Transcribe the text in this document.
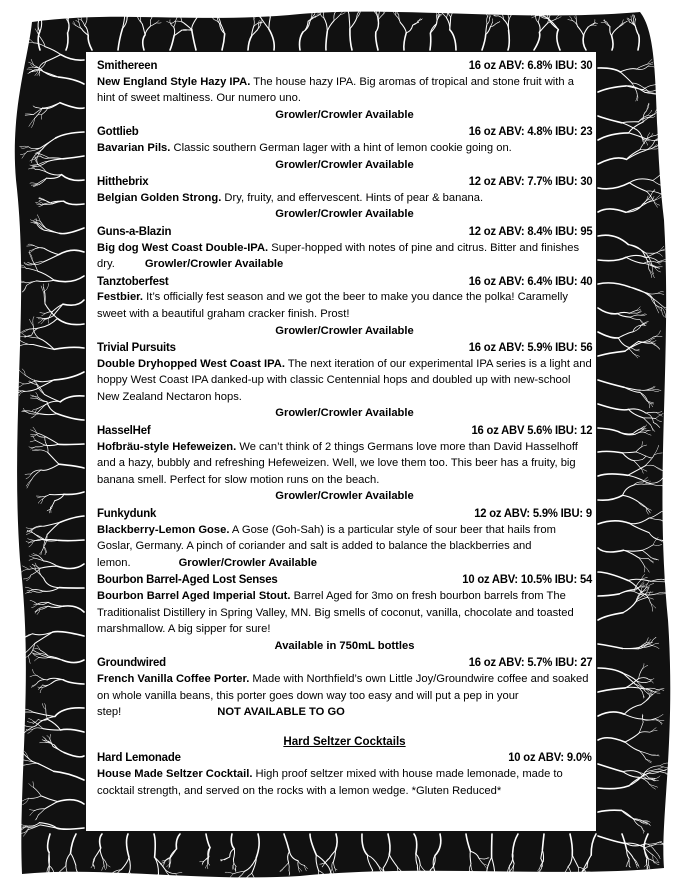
Smithereen	16 oz ABV: 6.8% IBU: 30

New England Style Hazy IPA. The house hazy IPA. Big aromas of tropical and stone fruit with a hint of sweet maltiness. Our numero uno.

Growler/Crowler Available
Gottlieb	16 oz ABV: 4.8% IBU: 23

Bavarian Pils. Classic southern German lager with a hint of lemon cookie going on.

Growler/Crowler Available
Hitthebrix	12 oz ABV: 7.7% IBU: 30

Belgian Golden Strong. Dry, fruity, and effervescent. Hints of pear & banana.

Growler/Crowler Available
Guns-a-Blazin	12 oz ABV: 8.4% IBU: 95

Big dog West Coast Double-IPA. Super-hopped with notes of pine and citrus. Bitter and finishes dry.	Growler/Crowler Available

Tanztoberfest	16 oz ABV: 6.4% IBU: 40

Festbier. It’s officially fest season and we got the beer to make you dance the polka! Caramelly sweet with a beautiful graham cracker finish. Prost!

Growler/Crowler Available
Trivial Pursuits	16 oz ABV: 5.9% IBU: 56

Double Dryhopped West Coast IPA. The next iteration of our experimental IPA series is a light and hoppy West Coast IPA danked-up with classic Centennial hops and doubled up with new-school New Zealand Nectaron hops.

Growler/Crowler Available
HasselHef	16 oz ABV 5.6% IBU: 12

Hofbräu-style Hefeweizen. We can’t think of 2 things Germans love more than David Hasselhoff and a hazy, bubbly and refreshing Hefeweizen. Well, we love them too. This beer has a fruity, big banana smell. Perfect for slow motion runs on the beach.

Growler/Crowler Available
Funkydunk	12 oz ABV: 5.9% IBU: 9

Blackberry-Lemon Gose. A Gose (Goh-Sah) is a particular style of sour beer that hails from Goslar, Germany. A pinch of coriander and salt is added to balance the blackberries and lemon.	Growler/Crowler Available

Bourbon Barrel-Aged Lost Senses	10 oz ABV: 10.5% IBU: 54

Bourbon Barrel Aged Imperial Stout. Barrel Aged for 3mo on fresh bourbon barrels from The Traditionalist Distillery in Spring Valley, MN. Big smells of coconut, vanilla, chocolate and toasted marshmallow. A big sipper for sure!

Available in 750mL bottles
Groundwired	16 oz ABV: 5.7% IBU: 27

French Vanilla Coffee Porter. Made with Northfield’s own Little Joy/Groundwire coffee and soaked on whole vanilla beans, this porter goes down way too easy and will put a pep in your step!	NOT AVAILABLE TO GO

Hard Seltzer Cocktails
Hard Lemonade	10 oz ABV: 9.0%

House Made Seltzer Cocktail. High proof seltzer mixed with house made lemonade, made to cocktail strength, and served on the rocks with a lemon wedge. *Gluten Reduced*
